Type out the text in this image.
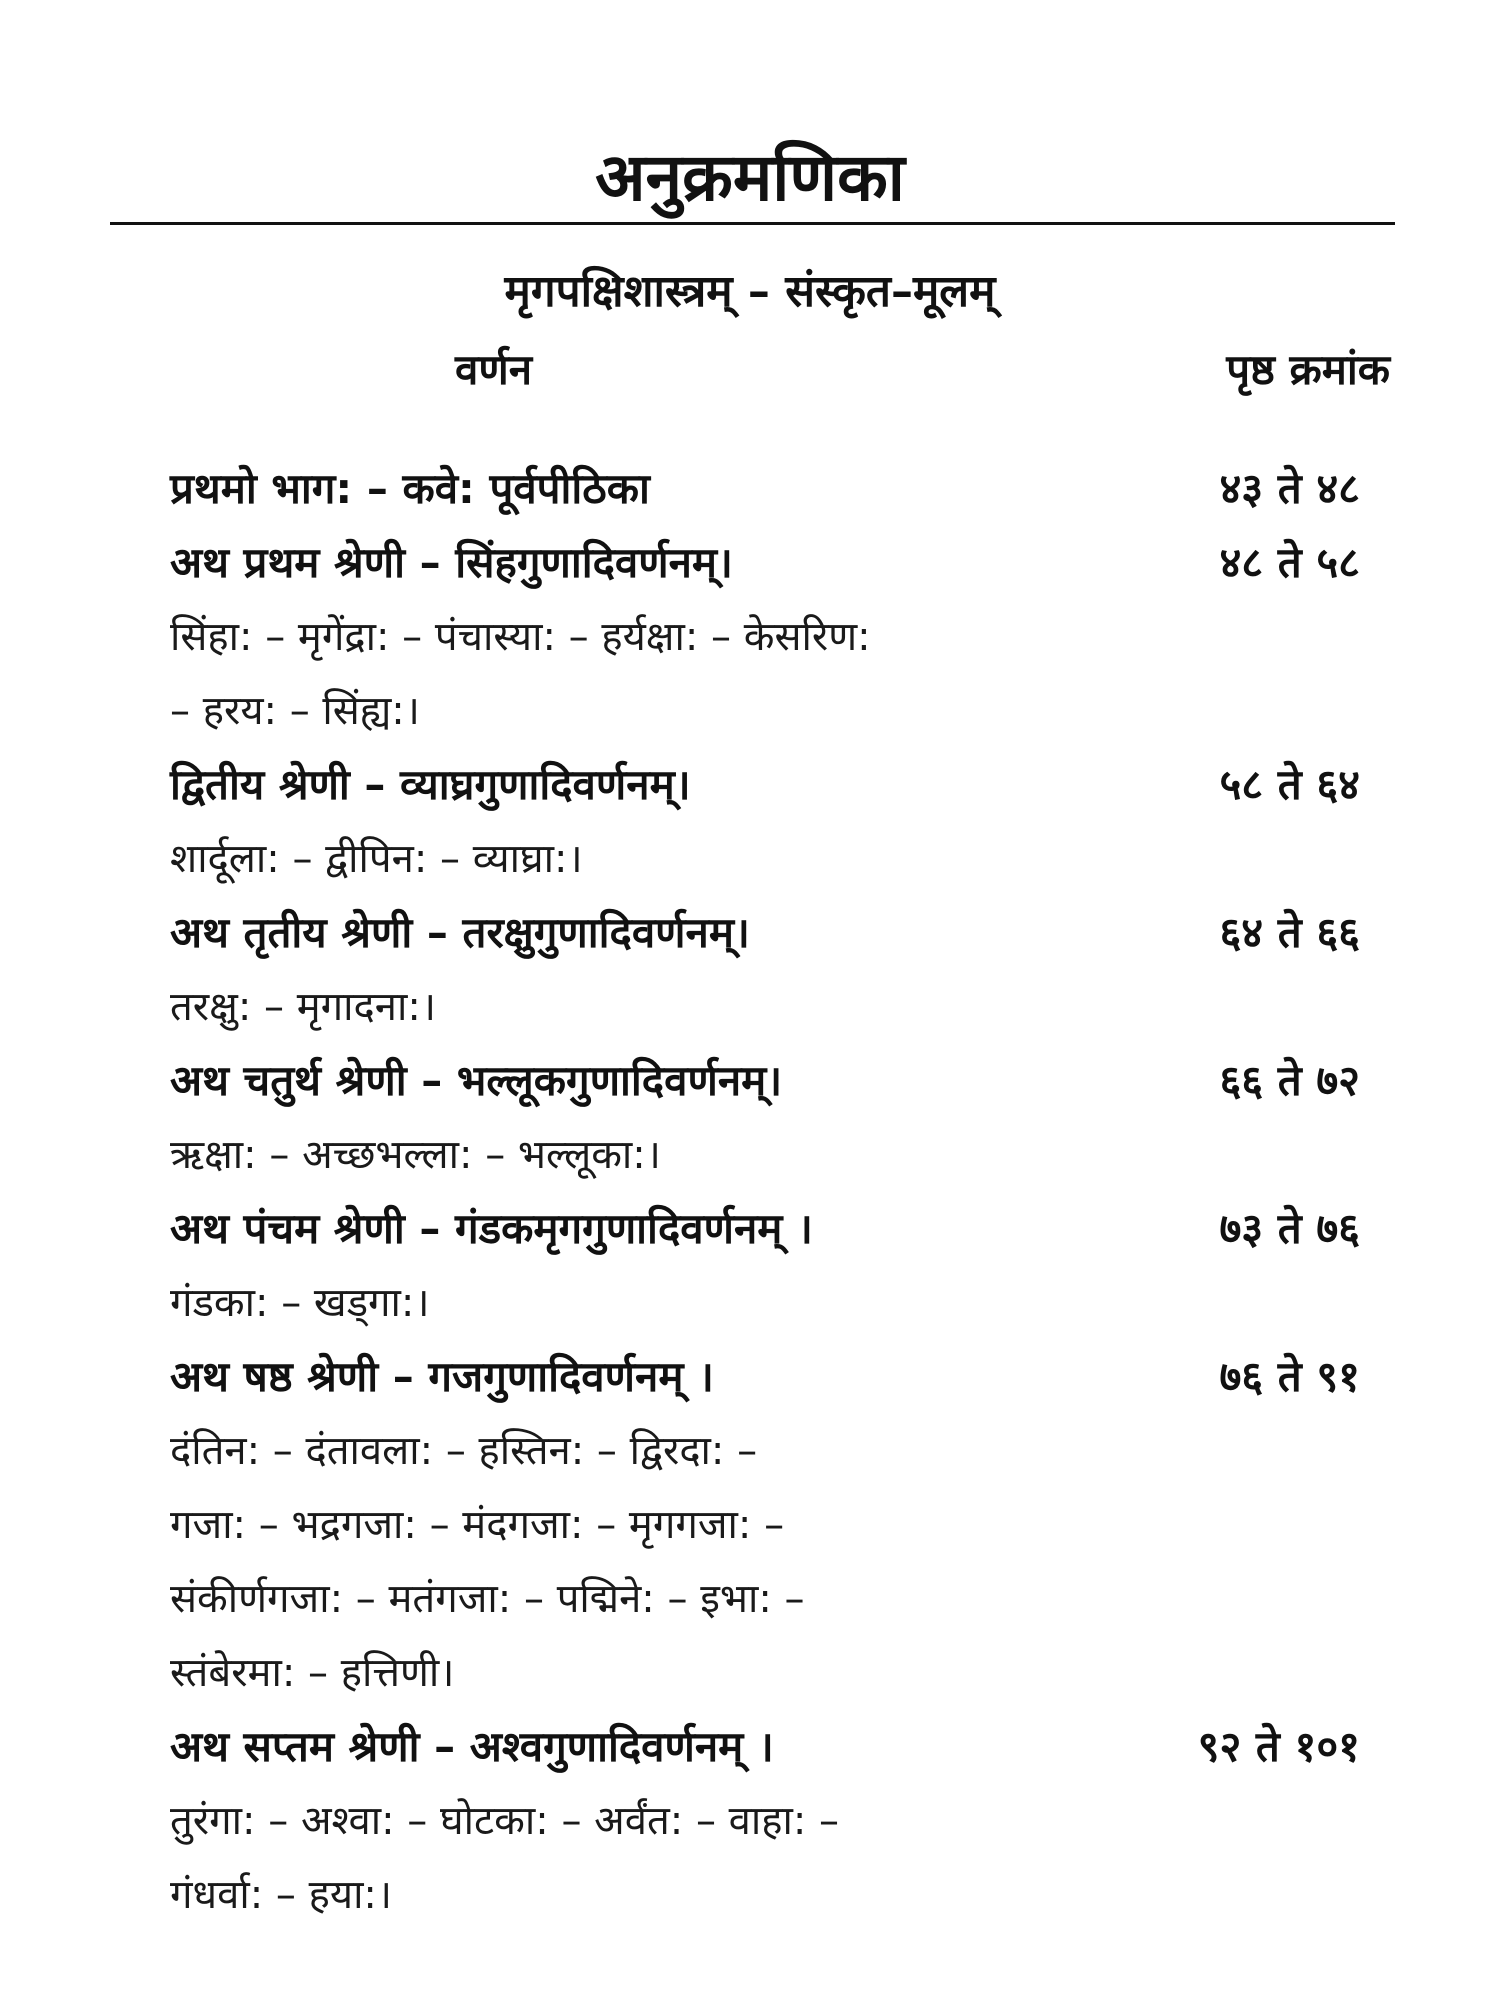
अनुक्रमणिका
मृगपक्षिशास्त्रम् – संस्कृत–मूलम्
वर्णन	पृष्ठ क्रमांक
प्रथमो भाग: – कवे: पूर्वपीठिका	४३ ते ४८
अथ प्रथम श्रेणी – सिंहगुणादिवर्णनम्।	४८ ते ५८
सिंहा: – मृगेंद्रा: – पंचास्या: – हर्यक्षा: – केसरिण:
– हरय: – सिंह्य:।
द्वितीय श्रेणी – व्याघ्रगुणादिवर्णनम्।	५८ ते ६४
शार्दूला: – द्वीपिन: – व्याघ्रा:।
अथ तृतीय श्रेणी – तरक्षुगुणादिवर्णनम्।	६४ ते ६६
तरक्षु: – मृगादना:।
अथ चतुर्थ श्रेणी – भल्लूकगुणादिवर्णनम्।	६६ ते ७२
ऋक्षा: – अच्छभल्ला: – भल्लूका:।
अथ पंचम श्रेणी – गंडकमृगगुणादिवर्णनम् ।	७३ ते ७६
गंडका: – खड्गा:।
अथ षष्ठ श्रेणी – गजगुणादिवर्णनम् ।	७६ ते ९१
दंतिन: – दंतावला: – हस्तिन: – द्विरदा: –
गजा: – भद्रगजा: – मंदगजा: – मृगगजा: –
संकीर्णगजा: – मतंगजा: – पद्मिने: – इभा: –
स्तंबेरमा: – हत्तिणी।
अथ सप्तम श्रेणी – अश्वगुणादिवर्णनम् ।	९२ ते १०१
तुरंगा: – अश्वा: – घोटका: – अर्वंत: – वाहा: –
गंधर्वा: – हया:।
